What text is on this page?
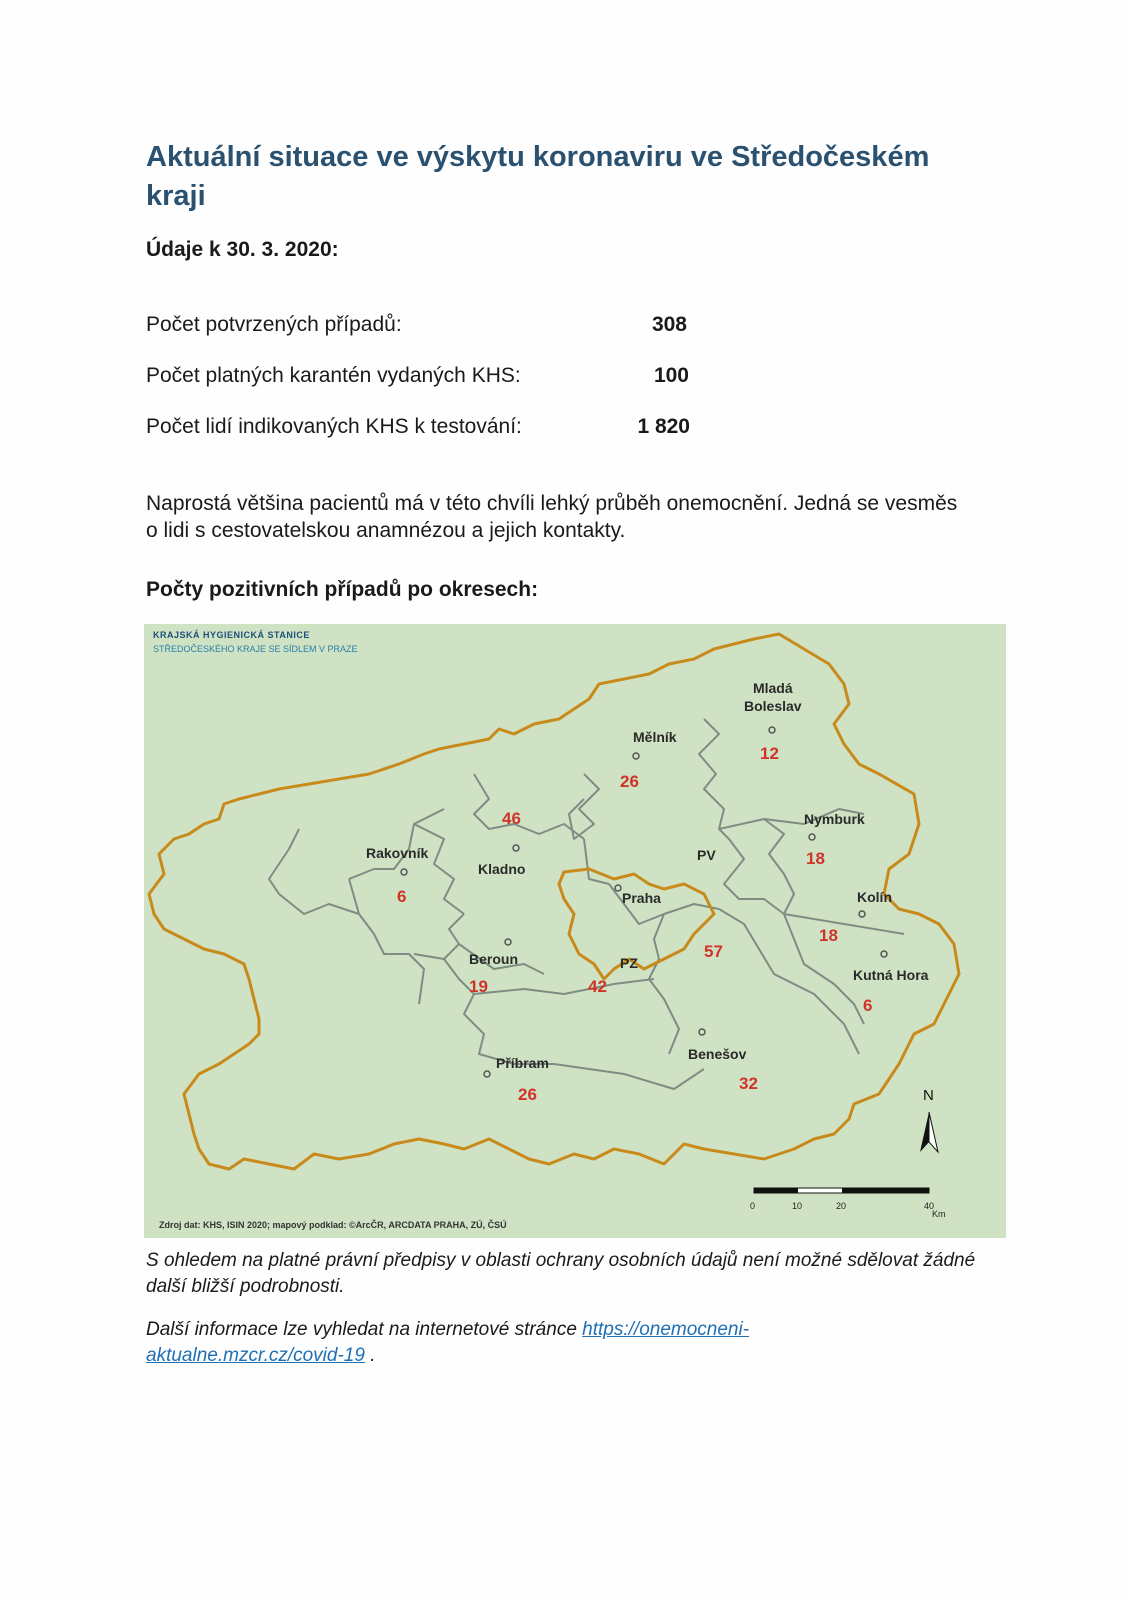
Aktuální situace ve výskytu koronaviru ve Středočeském kraji

Údaje k 30. 3. 2020:

Počet potvrzených případů:	308
Počet platných karantén vydaných KHS:	100
Počet lidí indikovaných KHS k testování:	1 820

Naprostá většina pacientů má v této chvíli lehký průběh onemocnění. Jedná se vesměs o lidi s cestovatelskou anamnézou a jejich kontakty.

Počty pozitivních případů po okresech:

KRAJSKÁ HYGIENICKÁ STANICE
STŘEDOČESKÉHO KRAJE SE SÍDLEM V PRAZE
0	10	20	40
Km
N
Zdroj dat: KHS, ISIN 2020; mapový podklad: ©ArcČR, ARCDATA PRAHA, ZÚ, ČSÚ
Mladá
Boleslav
12
Mělník
26
Rakovník
6
Kladno
46	Nymburk
18
PV
57
Praha	Kolín
18
Beroun
19
PZ
42
Kutná Hora
6
Příbram
26
Benešov
32

S ohledem na platné právní předpisy v oblasti ochrany osobních údajů není možné sdělovat žádné další bližší podrobnosti.

Další informace lze vyhledat na internetové stránce https://onemocneni-aktualne.mzcr.cz/covid-19 .
